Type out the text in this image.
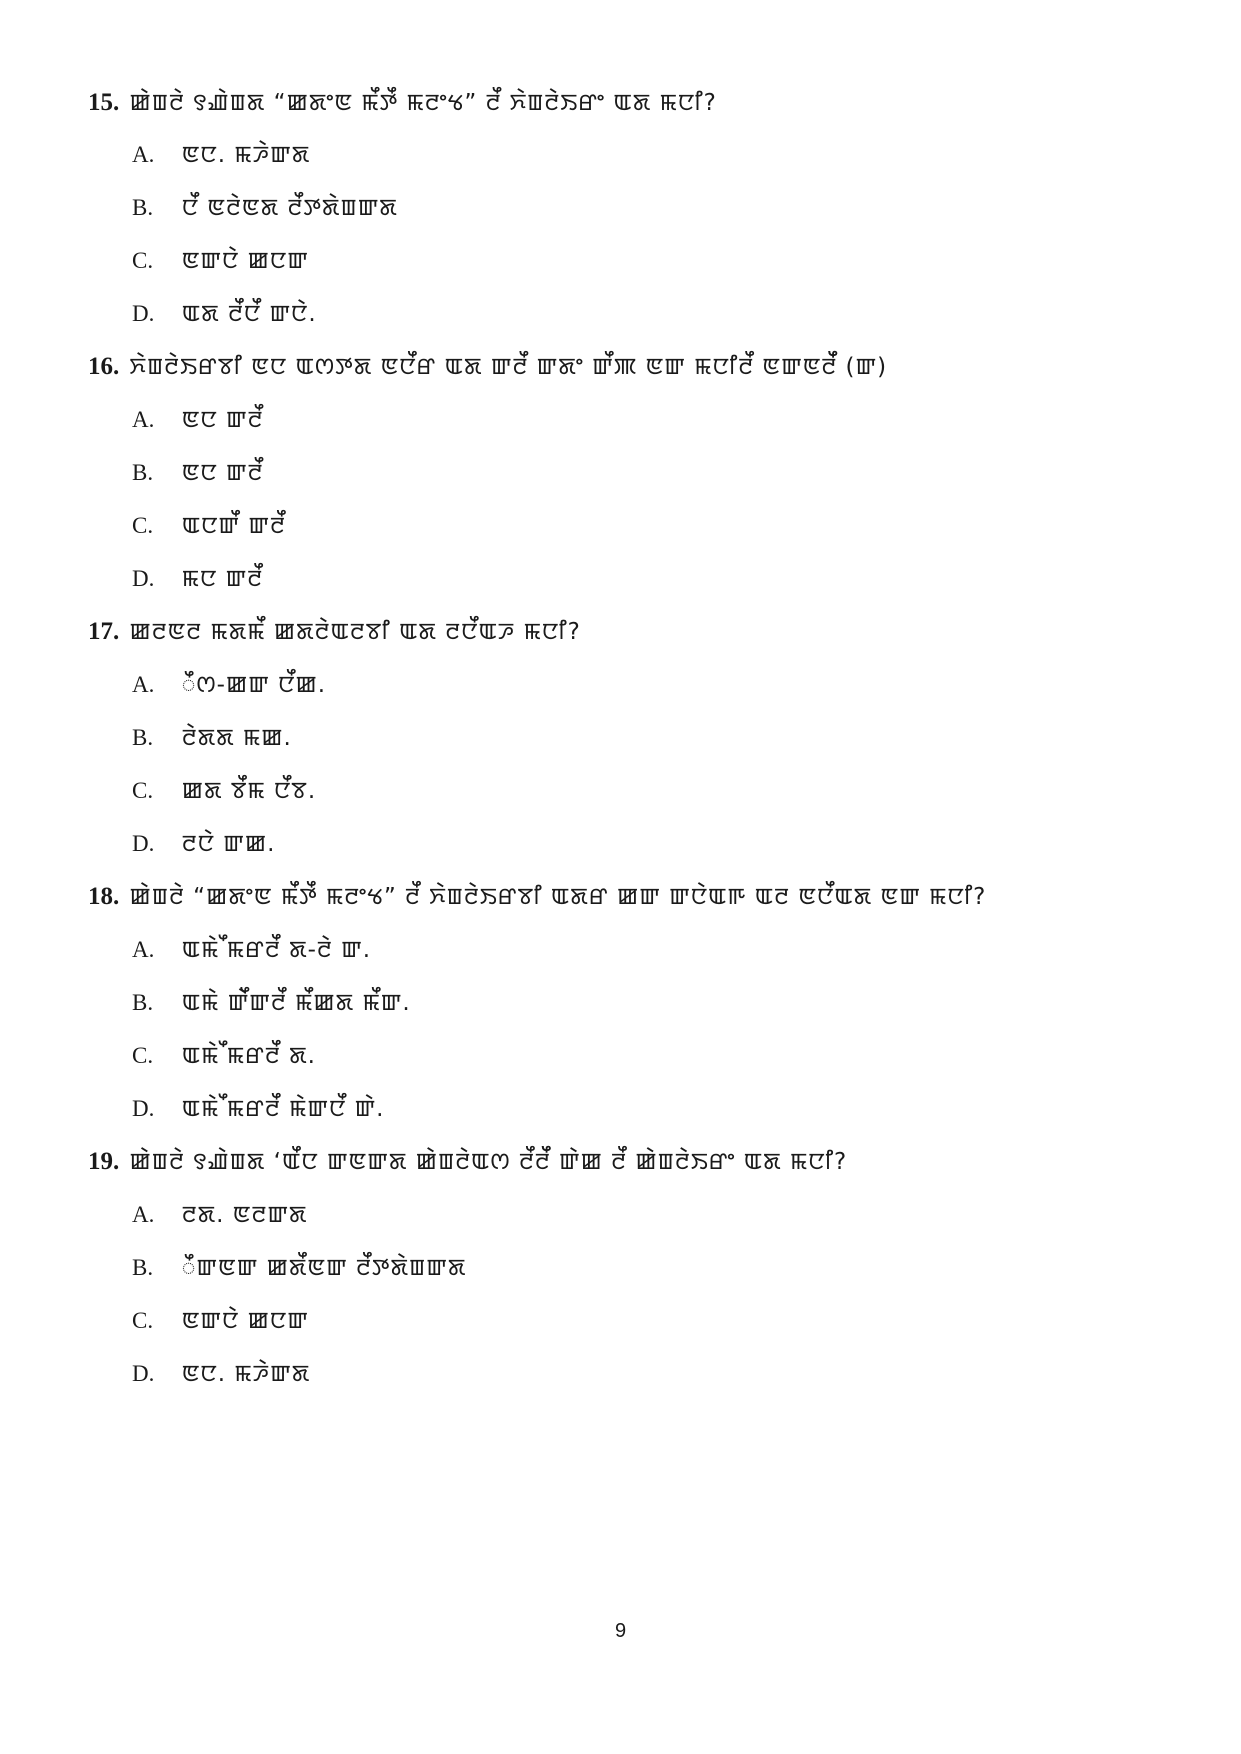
15. ꯀꯥꯡꯂꯥ ꯱ꯉꯥꯡꯗ “ꯀꯗꯦꯟ ꯃꯩꯇꯩ ꯃꯂꯦꯠ” ꯂꯩ ꯈꯥꯡꯂꯥꯏꯔꯦ ꯑꯗ ꯃꯅꯤ?
A. ꯟꯅ. ꯃꯍꯥꯛꯗ
B. ꯅꯩ ꯟꯂꯥꯟꯗ ꯂꯩꯇꯗꯥꯡꯛꯗ
C. ꯟꯛꯅꯥ ꯀꯅꯛ
D. ꯑꯗ ꯂꯩꯅꯩ ꯛꯅꯥ.
16. ꯈꯥꯡꯂꯥꯏꯔꯕꯤ ꯟꯅ ꯑꯁꯇꯗ ꯟꯅꯩꯔ ꯑꯗ ꯛꯂꯩ ꯛꯗꯦ ꯛꯩꯄ ꯟꯛ ꯃꯅꯤꯂꯩ ꯟꯛꯟꯂꯩꯩ (ꯛ)
A. ꯟꯅ ꯛꯂꯩ
B. ꯟꯅ ꯛꯂꯩ
C. ꯑꯅꯛꯩ ꯛꯂꯩ
D. ꯃꯅ ꯛꯂꯩ
17. ꯀꯂꯟꯂ ꯃꯗꯃꯩ ꯀꯗꯂꯥꯑꯂꯕꯤ ꯑꯗ ꯂꯅꯩꯑꯍ ꯃꯅꯤ?
A. ꯩꯁ-ꯀꯛ ꯅꯩꯀ.
B. ꯂꯥꯗꯗ ꯃꯀ.
C. ꯀꯗ ꯕꯩꯃ ꯅꯩꯕ.
D. ꯂꯅꯥ ꯛꯀ.
18. ꯀꯥꯡꯂꯥ “ꯀꯗꯦꯟ ꯃꯩꯇꯩ ꯃꯂꯦꯠ” ꯂꯩ ꯈꯥꯡꯂꯥꯏꯔꯕꯤ ꯑꯗꯔ ꯀꯛ ꯛꯅꯥꯑꯒ ꯑꯂ ꯟꯅꯩꯑꯗ ꯟꯛ ꯃꯅꯤ?
A. ꯑꯃꯥ ꯩꯃꯔꯂꯩ ꯗ-ꯂꯥ ꯛ.
B. ꯑꯃꯥ ꯛꯥꯩꯛꯂꯩ ꯃꯩꯀꯗ ꯃꯩꯛ.
C. ꯑꯃꯥ ꯩꯃꯔꯂꯩ ꯗ.
D. ꯑꯃꯥ ꯩꯃꯔꯂꯩ ꯃꯥꯛꯅꯩ ꯛꯥ.
19. ꯀꯥꯡꯂꯥ ꯱ꯉꯥꯡꯗ ‘ꯑꯩꯅ ꯛꯟꯛꯗ ꯀꯥꯡꯂꯥꯑꯁ ꯂꯩꯂꯩꯩ ꯛꯥꯀ ꯂꯩ ꯀꯥꯡꯂꯥꯏꯔꯦ ꯑꯗ ꯃꯅꯤ?
A. ꯂꯗ. ꯟꯂꯛꯗ
B. ꯩꯛꯟꯛ ꯀꯗꯩꯟꯛ ꯂꯩꯇꯗꯥꯡꯛꯗ
C. ꯟꯛꯅꯥ ꯀꯅꯛ
D. ꯟꯅ. ꯃꯍꯥꯛꯗ
9
